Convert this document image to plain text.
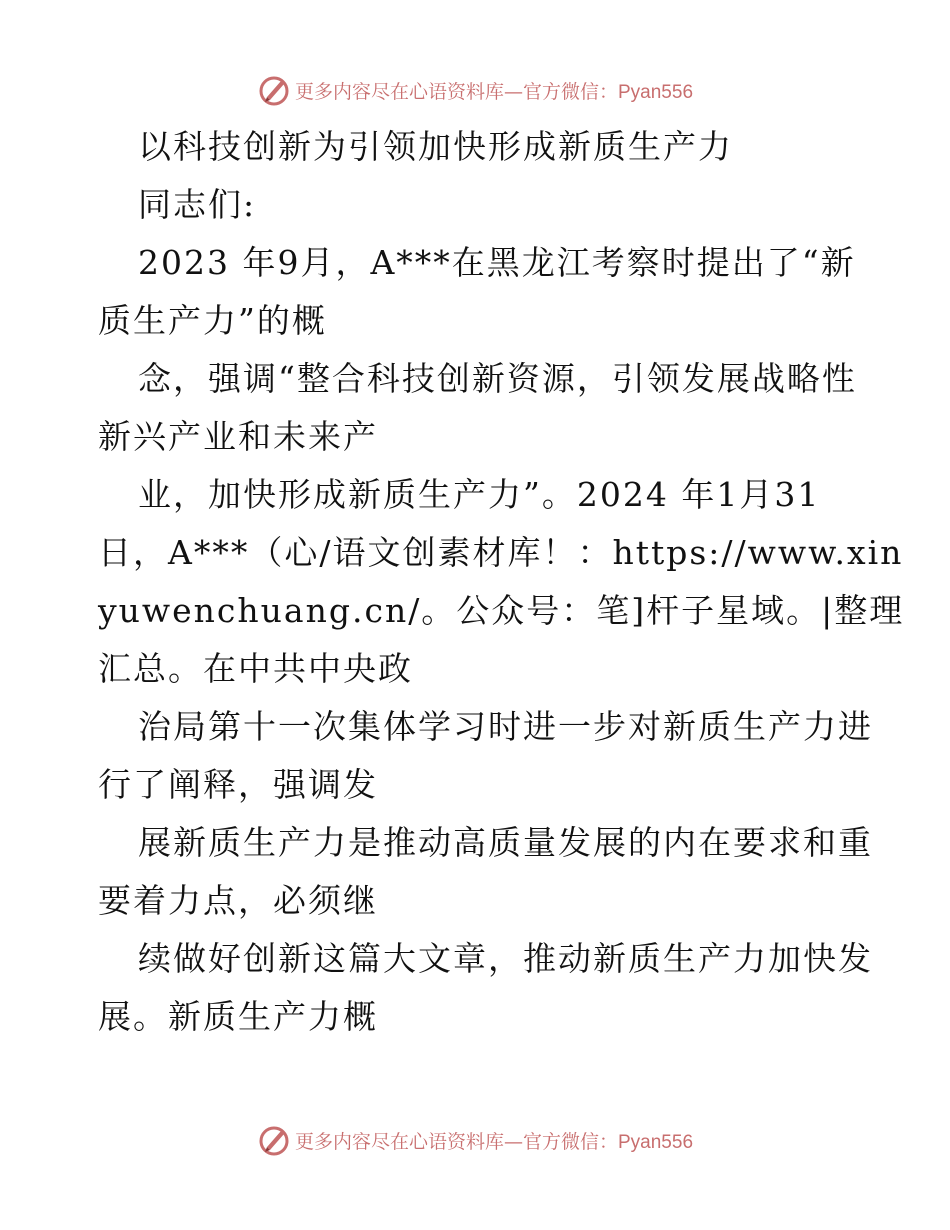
更多内容尽在心语资料库—官方微信：Pyan556
以科技创新为引领加快形成新质生产力
同志们:
2023 年9月，A***在黑龙江考察时提出了“新
质生产力”的概
念，强调“整合科技创新资源，引领发展战略性
新兴产业和未来产
业，加快形成新质生产力”。2024 年1月31
日，A***（心/语文创素材库！：https://www.xin
yuwenchuang.cn/。公众号：笔]杆子星域。|整理
汇总。在中共中央政
治局第十一次集体学习时进一步对新质生产力进
行了阐释，强调发
展新质生产力是推动高质量发展的内在要求和重
要着力点，必须继
续做好创新这篇大文章，推动新质生产力加快发
展。新质生产力概
更多内容尽在心语资料库—官方微信：Pyan556
